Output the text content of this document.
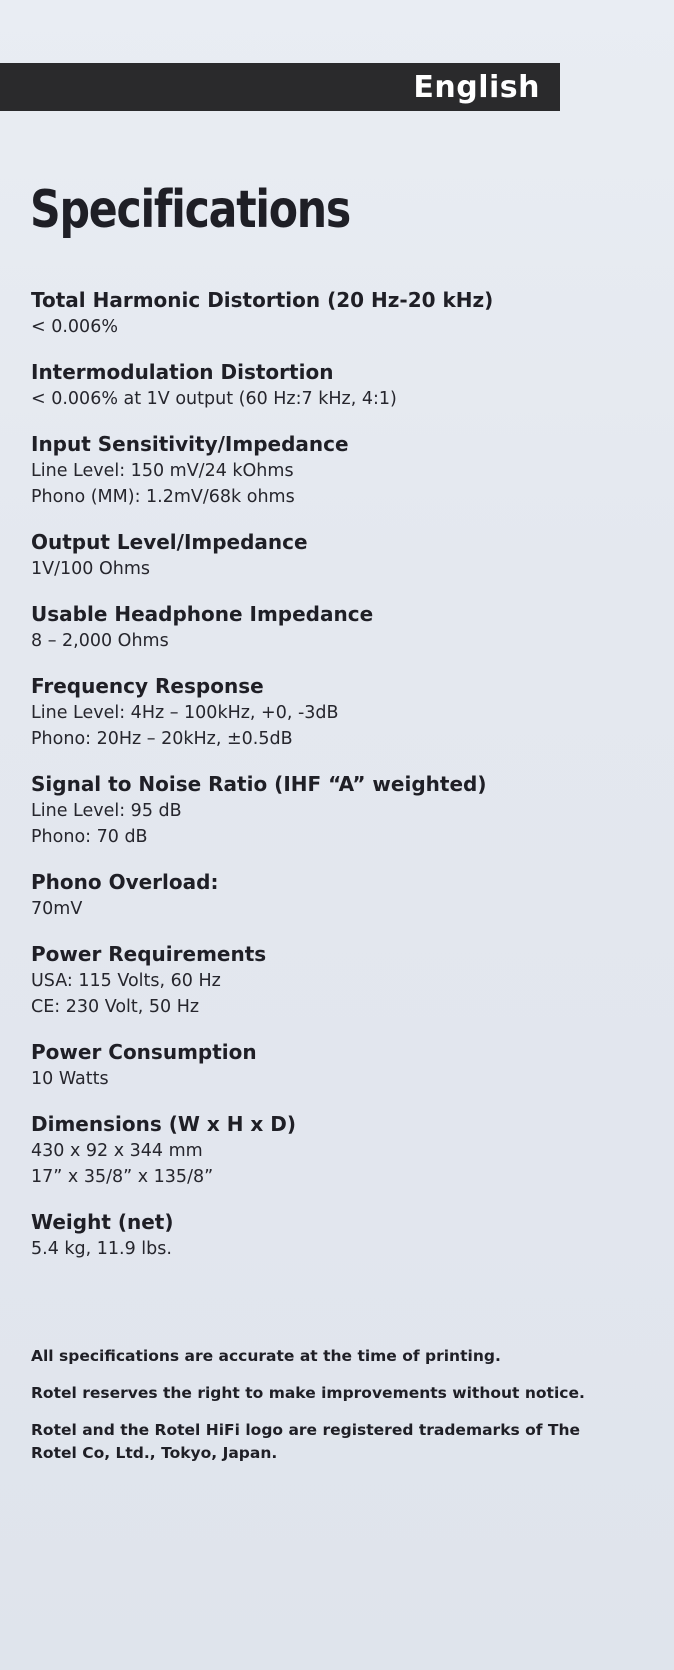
English
Specifications
Total Harmonic Distortion (20 Hz-20 kHz)
< 0.006%
Intermodulation Distortion
< 0.006% at 1V output (60 Hz:7 kHz, 4:1)
Input Sensitivity/Impedance
Line Level: 150 mV/24 kOhms
Phono (MM): 1.2mV/68k ohms
Output Level/Impedance
1V/100 Ohms
Usable Headphone Impedance
8 – 2,000 Ohms
Frequency Response
Line Level: 4Hz – 100kHz, +0, -3dB
Phono: 20Hz – 20kHz, ±0.5dB
Signal to Noise Ratio (IHF “A” weighted)
Line Level: 95 dB
Phono: 70 dB
Phono Overload:
70mV
Power Requirements
USA: 115 Volts, 60 Hz
CE: 230 Volt, 50 Hz
Power Consumption
10 Watts
Dimensions (W x H x D)
430 x 92 x 344 mm
17” x 35/8” x 135/8”
Weight (net)
5.4 kg, 11.9 lbs.

All specifications are accurate at the time of printing.

Rotel reserves the right to make improvements without notice.

Rotel and the Rotel HiFi logo are registered trademarks of The Rotel Co, Ltd., Tokyo, Japan.
